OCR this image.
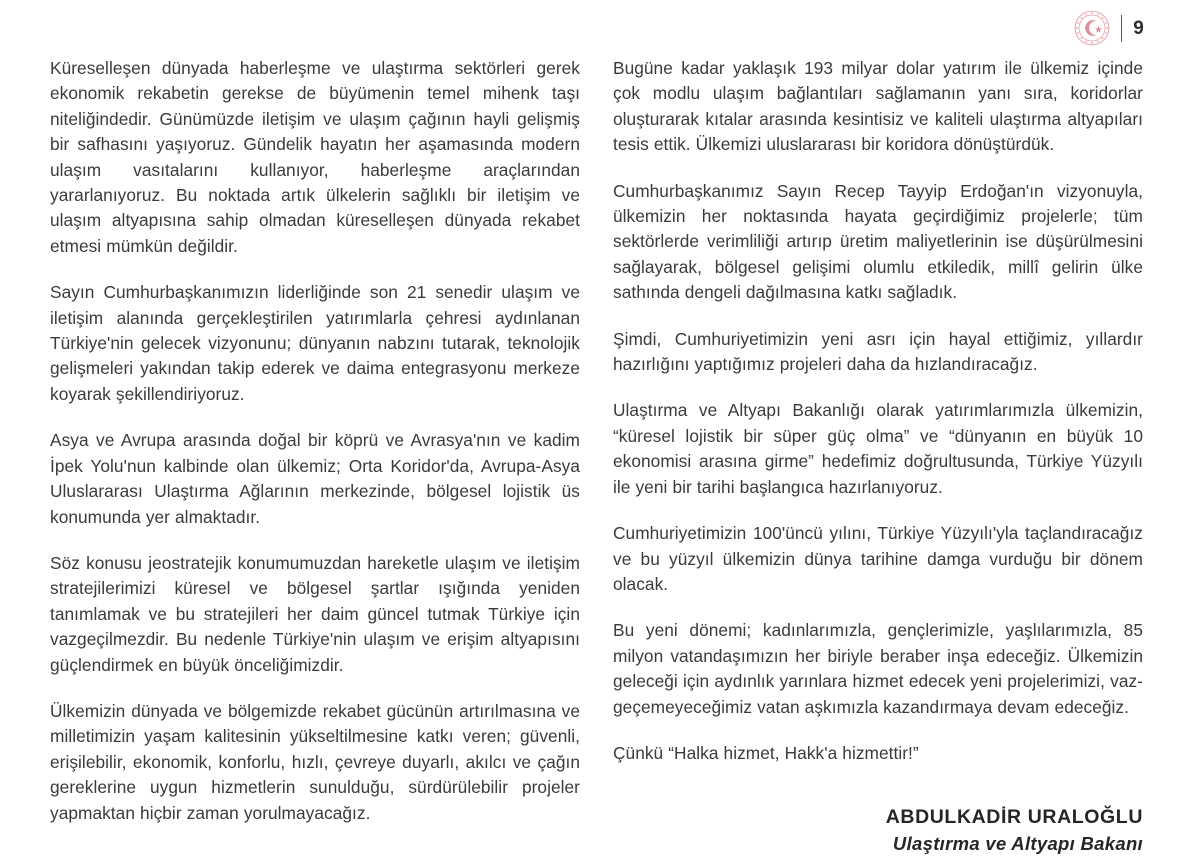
9

Küreselleşen dünyada haberleşme ve ulaştırma sektörleri gerek ekonomik rekabetin gerekse de büyümenin temel mihenk taşı niteliğindedir. Günümüzde iletişim ve ulaşım çağının hayli gelişmiş bir safhasını yaşıyoruz. Gündelik hayatın her aşamasında modern ulaşım vasıtalarını kullanıyor, haberleşme araçlarından yararlanıyoruz. Bu noktada artık ülkelerin sağlıklı bir iletişim ve ulaşım altyapısına sahip olmadan küreselleşen dünyada rekabet etmesi mümkün değildir.

Sayın Cumhurbaşkanımızın liderliğinde son 21 senedir ulaşım ve iletişim alanında gerçekleştirilen yatırımlarla çehresi aydınlanan Türkiye'nin gelecek vizyonunu; dünyanın nabzını tutarak, teknolojik gelişmeleri yakından takip ederek ve daima entegrasyonu merkeze koyarak şekillendiriyoruz.

Asya ve Avrupa arasında doğal bir köprü ve Avrasya'nın ve kadim İpek Yolu'nun kalbinde olan ülkemiz; Orta Koridor'da, Avrupa-Asya Uluslararası Ulaştırma Ağlarının merkezinde, bölgesel lojistik üs konumunda yer almaktadır.

Söz konusu jeostratejik konumumuzdan hareketle ulaşım ve iletişim stratejilerimizi küresel ve bölgesel şartlar ışığında yeniden tanımlamak ve bu stratejileri her daim güncel tutmak Türkiye için vazgeçilmezdir. Bu nedenle Türkiye'nin ulaşım ve erişim altyapısını güçlendirmek en büyük önceliğimizdir.

Ülkemizin dünyada ve bölgemizde rekabet gücünün artırılmasına ve milletimizin yaşam kalitesinin yükseltilmesine katkı veren; güvenli, erişilebilir, ekonomik, konforlu, hızlı, çevreye duyarlı, akılcı ve çağın gereklerine uygun hizmetlerin sunulduğu, sürdürülebilir projeler yapmaktan hiçbir zaman yorulmayacağız.

Bugüne kadar yaklaşık 193 milyar dolar yatırım ile ülkemiz içinde çok modlu ulaşım bağlantıları sağlamanın yanı sıra, koridorlar oluşturarak kıtalar arasında kesintisiz ve kaliteli ulaştırma altyapıları tesis ettik. Ülkemizi uluslararası bir koridora dönüştürdük.

Cumhurbaşkanımız Sayın Recep Tayyip Erdoğan'ın vizyonuyla, ülkemizin her noktasında hayata geçirdiğimiz projelerle; tüm sektörlerde verimliliği artırıp üretim maliyetlerinin ise düşürülmesini sağlayarak, bölgesel gelişimi olumlu etkiledik, millî gelirin ülke sathında dengeli dağılmasına katkı sağladık.

Şimdi, Cumhuriyetimizin yeni asrı için hayal ettiğimiz, yıllardır hazırlığını yaptığımız projeleri daha da hızlandıracağız.

Ulaştırma ve Altyapı Bakanlığı olarak yatırımlarımızla ülkemizin, “küresel lojistik bir süper güç olma” ve “dünyanın en büyük 10 ekonomisi arasına girme” hedefimiz doğrultusunda, Türkiye Yüzyılı ile yeni bir tarihi başlangıca hazırlanıyoruz.

Cumhuriyetimizin 100'üncü yılını, Türkiye Yüzyılı'yla taçlandıracağız ve bu yüzyıl ülkemizin dünya tarihine damga vurduğu bir dönem olacak.

Bu yeni dönemi; kadınlarımızla, gençlerimizle, yaşlılarımızla, 85 milyon vatandaşımızın her biriyle beraber inşa edeceğiz. Ülkemizin geleceği için aydınlık yarınlara hizmet edecek yeni projelerimizi, vaz-geçemeyeceğimiz vatan aşkımızla kazandırmaya devam edeceğiz.

Çünkü “Halka hizmet, Hakk'a hizmettir!”

ABDULKADİR URALOĞLU
Ulaştırma ve Altyapı Bakanı
